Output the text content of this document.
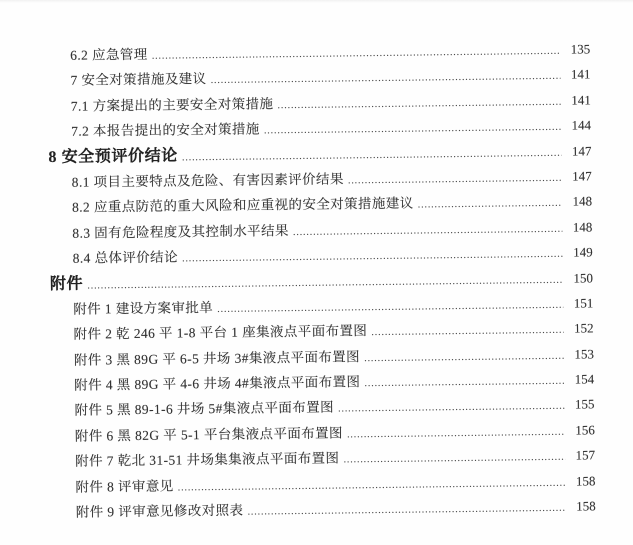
6.2 应急管理 .....	135
7 安全对策措施及建议 .....	141
7.1 方案提出的主要安全对策措施 .....	141
7.2 本报告提出的安全对策措施 .....	144
8 安全预评价结论 .....	147
8.1 项目主要特点及危险、有害因素评价结果 .....	147
8.2 应重点防范的重大风险和应重视的安全对策措施建议 .....	148
8.3 固有危险程度及其控制水平结果 .....	148
8.4 总体评价结论 .....	149
附件 .....	150
附件 1 建设方案审批单 .....	151
附件 2 乾 246 平 1-8 平台 1 座集液点平面布置图 .....	152
附件 3 黑 89G 平 6-5 井场 3#集液点平面布置图 .....	153
附件 4 黑 89G 平 4-6 井场 4#集液点平面布置图 .....	154
附件 5 黑 89-1-6 井场 5#集液点平面布置图 .....	155
附件 6 黑 82G 平 5-1 平台集液点平面布置图 .....	156
附件 7 乾北 31-51 井场集集液点平面布置图 .....	157
附件 8 评审意见 .....	158
附件 9 评审意见修改对照表 .....	158
